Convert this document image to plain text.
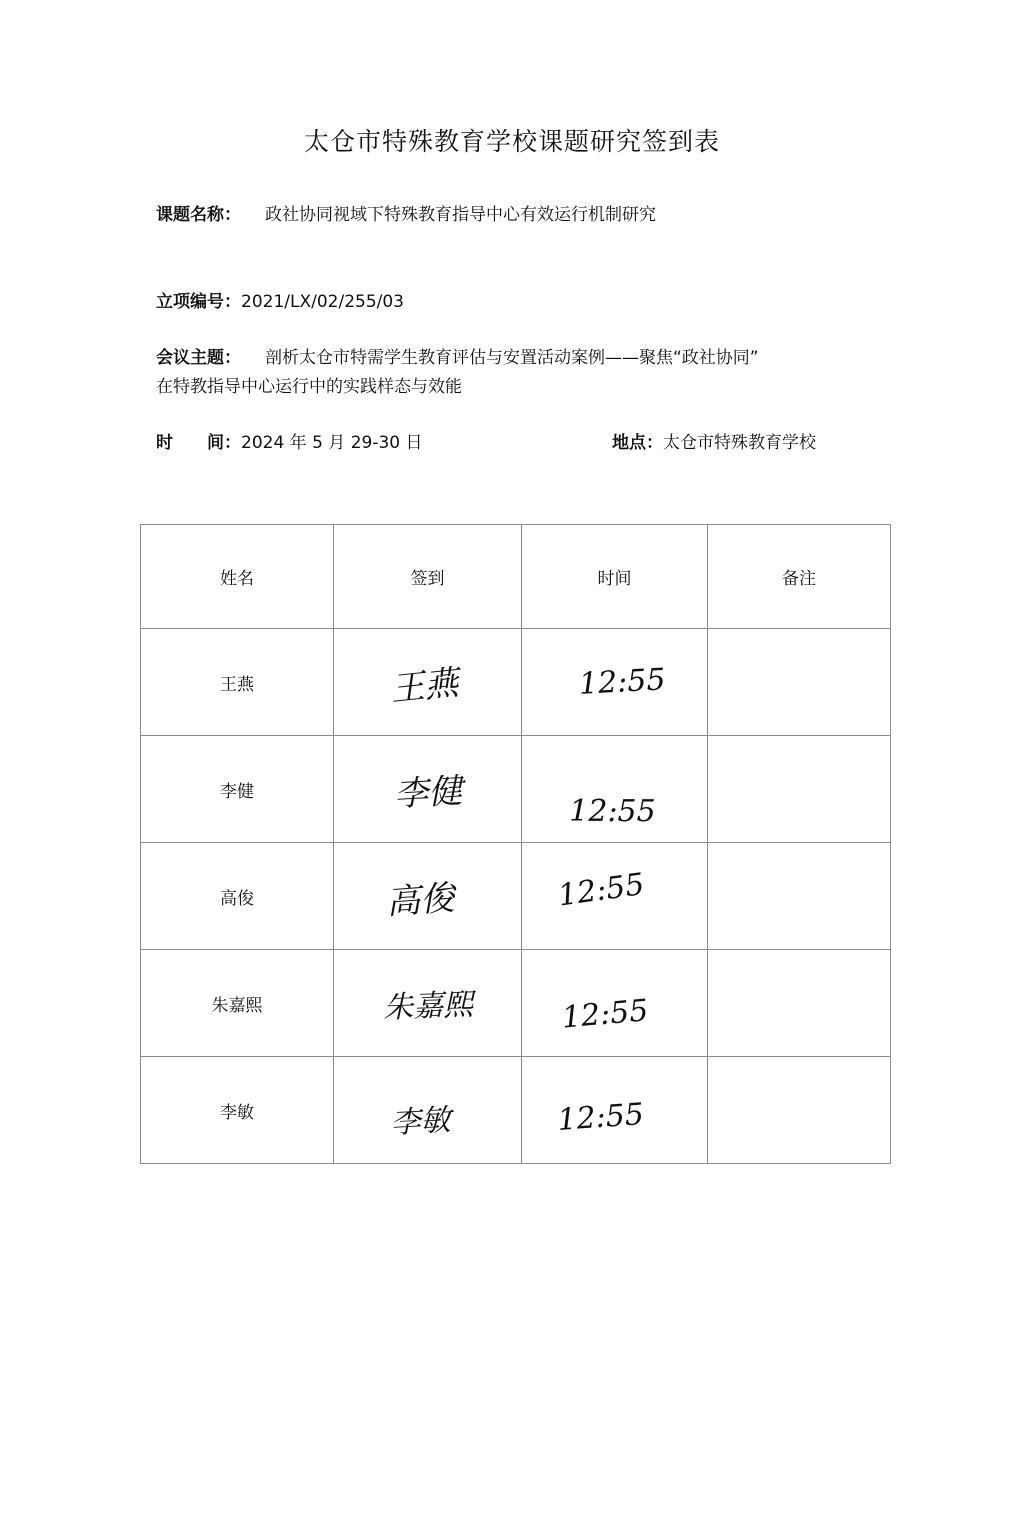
太仓市特殊教育学校课题研究签到表
课题名称： 政社协同视域下特殊教育指导中心有效运行机制研究
立项编号：2021/LX/02/255/03
会议主题： 剖析太仓市特需学生教育评估与安置活动案例——聚焦“政社协同”
在特教指导中心运行中的实践样态与效能
时　　间：2024 年 5 月 29-30 日	地点：太仓市特殊教育学校
姓名	签到	时间	备注
王燕	王燕	12:55	
李健	李健	12:55	
高俊	高俊	12:55	
朱嘉熙	朱嘉熙	12:55	
李敏	李敏	12:55	
